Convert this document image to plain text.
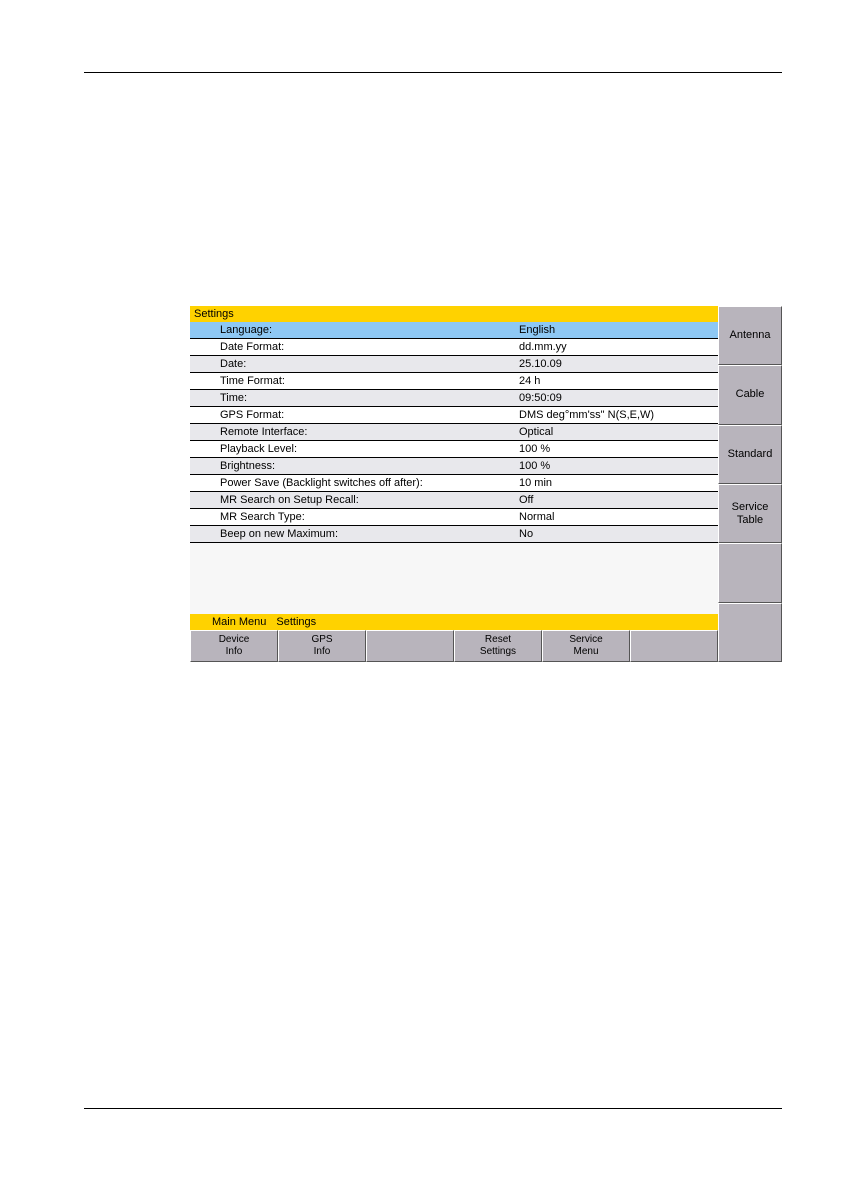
Settings
Language:	English
Date Format:	dd.mm.yy
Date:	25.10.09
Time Format:	24 h
Time:	09:50:09
GPS Format:	DMS deg°mm'ss" N(S,E,W)
Remote Interface:	Optical
Playback Level:	100 %
Brightness:	100 %
Power Save (Backlight switches off after):	10 min
MR Search on Setup Recall:	Off
MR Search Type:	Normal
Beep on new Maximum:	No
Main Menu Settings
Device
Info
GPS
Info
Reset
Settings
Service
Menu
Antenna
Cable
Standard
Service
Table
